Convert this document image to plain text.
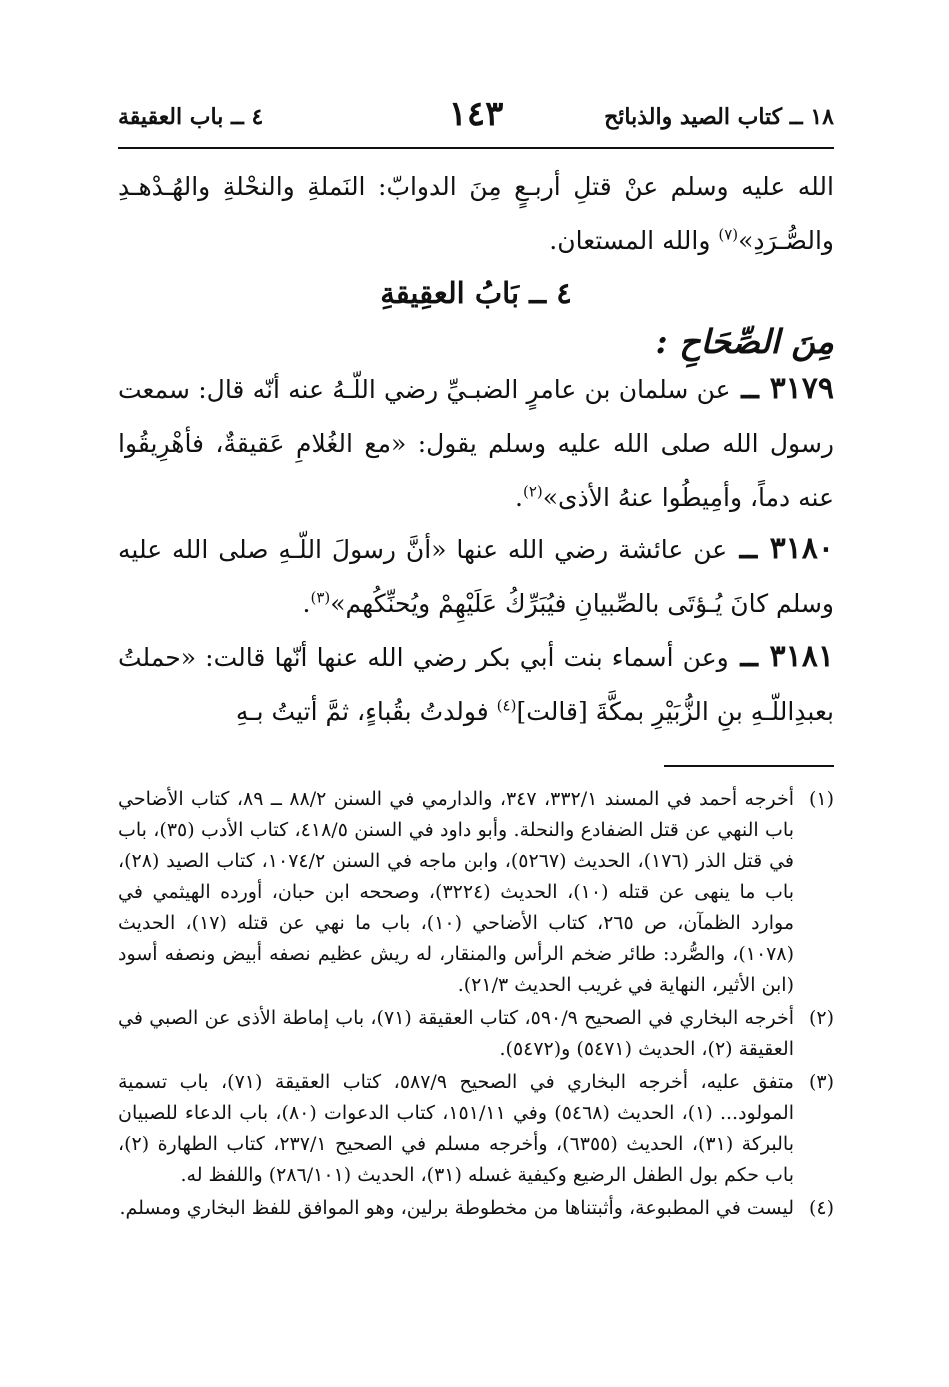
١٨ ــ كتاب الصيد والذبائح
١٤٣
٤ ــ باب العقيقة
الله عليه وسلم عنْ قتلِ أربـعٍ مِنَ الدوابّ: النَملةِ والنحْلةِ والهُـدْهـدِ والصُّـرَدِ»$^{(٧)}$ والله المستعان.
٤ ــ بَابُ العقِيقةِ
مِنَ الصِّحَاحِ :
٣١٧٩ ــ عن سلمان بن عامرٍ الضبـيِّ رضي اللّـهُ عنه أنّه قال: سمعت رسول الله صلى الله عليه وسلم يقول: «مع الغُلامِ عَقيقةٌ، فأهْرِيقُوا عنه دماً، وأمِيطُوا عنهُ الأذى»$^{(٢)}$.
٣١٨٠ ــ عن عائشة رضي الله عنها «أنَّ رسولَ اللّـهِ صلى الله عليه وسلم كانَ يُـؤتَى بالصِّبيانِ فيُبَرِّكُ عَلَيْهِمْ ويُحنِّكُهم»$^{(٣)}$.
٣١٨١ ــ وعن أسماء بنت أبي بكر رضي الله عنها أنّها قالت: «حملتُ بعبدِاللّـهِ بنِ الزُّبَيْرِ بمكَّةَ [قالت]$^{(٤)}$ فولدتُ بقُباءٍ، ثمَّ أتيتُ بـهِ
(١)
أخرجه أحمد في المسند ٣٣٢/١، ٣٤٧، والدارمي في السنن ٨٨/٢ ــ ٨٩، كتاب الأضاحي باب النهي عن قتل الضفادع والنحلة. وأبو داود في السنن ٤١٨/٥، كتاب الأدب (٣٥)، باب في قتل الذر (١٧٦)، الحديث (٥٢٦٧)، وابن ماجه في السنن ١٠٧٤/٢، كتاب الصيد (٢٨)، باب ما ينهى عن قتله (١٠)، الحديث (٣٢٢٤)، وصححه ابن حبان، أورده الهيثمي في موارد الظمآن، ص ٢٦٥، كتاب الأضاحي (١٠)، باب ما نهي عن قتله (١٧)، الحديث (١٠٧٨)، والصُّرد: طائر ضخم الرأس والمنقار، له ريش عظيم نصفه أبيض ونصفه أسود (ابن الأثير، النهاية في غريب الحديث ٢١/٣).
(٢)
أخرجه البخاري في الصحيح ٥٩٠/٩، كتاب العقيقة (٧١)، باب إماطة الأذى عن الصبي في العقيقة (٢)، الحديث (٥٤٧١) و(٥٤٧٢).
(٣)
متفق عليه، أخرجه البخاري في الصحيح ٥٨٧/٩، كتاب العقيقة (٧١)، باب تسمية المولود... (١)، الحديث (٥٤٦٨) وفي ١٥١/١١، كتاب الدعوات (٨٠)، باب الدعاء للصبيان بالبركة (٣١)، الحديث (٦٣٥٥)، وأخرجه مسلم في الصحيح ٢٣٧/١، كتاب الطهارة (٢)، باب حكم بول الطفل الرضيع وكيفية غسله (٣١)، الحديث (٢٨٦/١٠١) واللفظ له.
(٤)
ليست في المطبوعة، وأثبتناها من مخطوطة برلين، وهو الموافق للفظ البخاري ومسلم.
